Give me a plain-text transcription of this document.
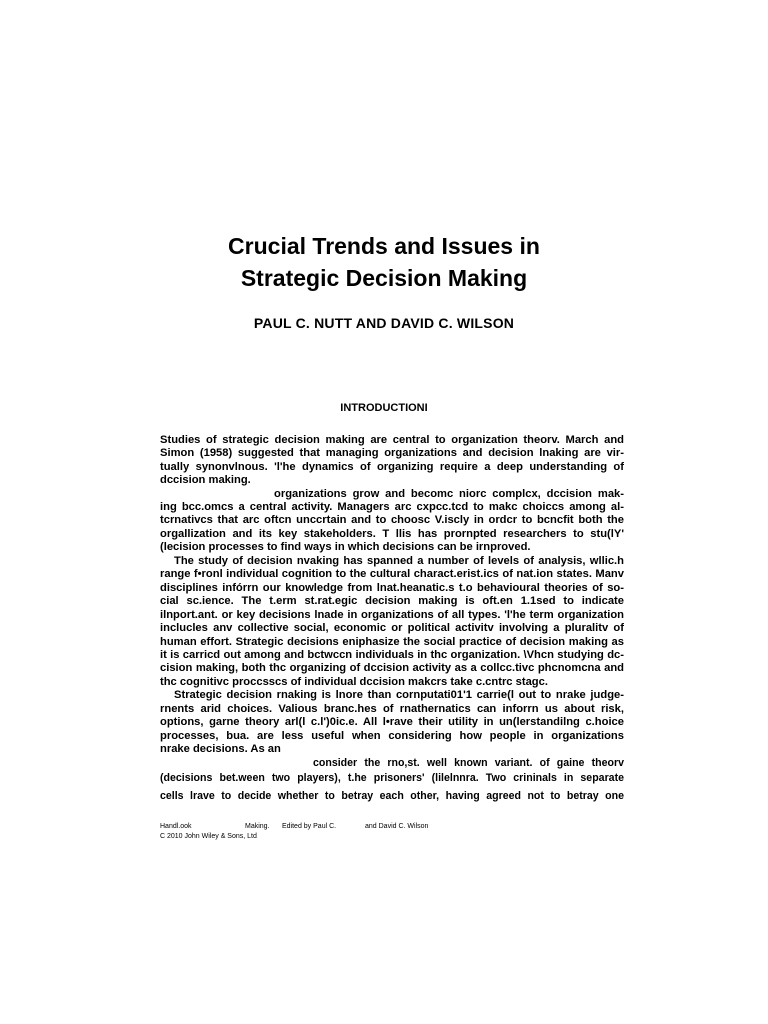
Crucial Trends and Issues in
Strategic Decision Making

PAUL C. NUTT AND DAVID C. WILSON

INTRODUCTIONI
Studies of strategic decision making are central to organization theorv. March and
Simon (1958) suggested that managing organizations and decision lnaking are vir-
tually synonvlnous. 'l'he dynamics of organizing require a deep understanding of
dccision making.
organizations grow and becomc niorc complcx, dccision mak-
ing bcc.omcs a central activity. Managers arc cxpcc.tcd to makc choiccs among al-
tcrnativcs that arc oftcn unccrtain and to choosc V.iscly in ordcr to bcncfit both the
orgallization and its key stakeholders. T llis has prornpted researchers to stu(lY'
(lecision processes to find ways in which decisions can be irnproved.
The study of decision nvaking has spanned a number of levels of analysis, wllic.h
range f•ronl individual cognition to the cultural charact.erist.ics of nat.ion states. Manv
disciplines infórrn our knowledge from lnat.heanatic.s t.o behavioural theories of so-
cial sc.ience. The t.erm st.rat.egic decision making is oft.en 1.1sed to indicate
ilnport.ant. or key decisions lnade in organizations of all types. 'l'he term organization
inclucles anv collective social, economic or political activitv involving a pluralitv of
human effort. Strategic decisions eniphasize the social practice of decision making as
it is carricd out among and bctwccn individuals in thc organization. \Vhcn studying dc-
cision making, both thc organizing of dccision activity as a collcc.tivc phcnomcna and
thc cognitivc proccsscs of individual dccision makcrs take c.cntrc stagc.
Strategic decision rnaking is lnore than cornputati01'1 carrie(l out to nrake judge-
rnents arid choices. Valious branc.hes of rnathernatics can inforrn us about risk,
options, garne theory arl(l c.l')0ic.e. All l•rave their utility in un(lerstandilng c.hoice
processes, bua. are less useful when considering how people in organizations
nrake decisions. As an
consider the rno,st. well known variant. of gaine theorv
(decisions bet.ween two players), t.he prisoners' (lilelnnra. Two crininals in separate
cells lrave to decide whether to betray each other, having agreed not to betray one
Handl.ook	Making. Edited by Paul C.	and David C. Wilson
C 2010 John Wiley & Sons, Ltd
